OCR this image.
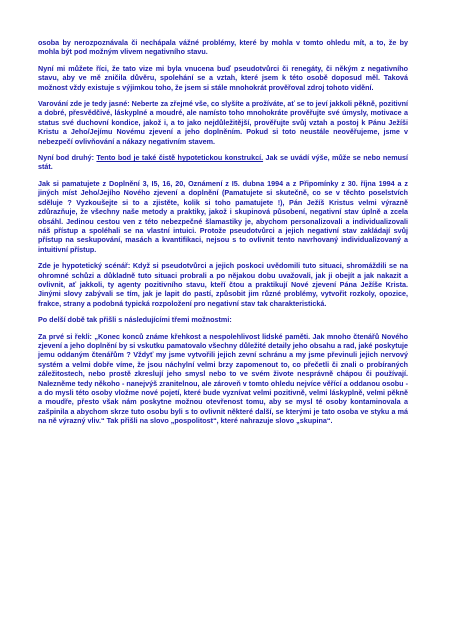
osoba by nerozpoznávala či nechápala vážné problémy, které by mohla v tomto ohledu mít, a to, že by mohla být pod možným vlivem negativního stavu.

Nyní mi můžete říci, že tato vize mi byla vnucena buď pseudotvůrci či renegáty, či někým z negativního stavu, aby ve mě zničila důvěru, spolehání se a vztah, které jsem k této osobě doposud měl. Taková možnost vždy existuje s výjimkou toho, že jsem si stále mnohokrát prověřoval zdroj tohoto vidění.

Varování zde je tedy jasné: Neberte za zřejmé vše, co slyšíte a prožíváte, ať se to jeví jakkoli pěkně, pozitivní a dobré, přesvědčivé, láskyplné a moudré, ale namísto toho mnohokráte prověřujte své úmysly, motivace a status své duchovní kondice, jakož i, a to jako nejdůležitější, prověřujte svůj vztah a postoj k Pánu Ježíši Kristu a Jeho/Jejímu Novému zjevení a jeho doplněním. Pokud si toto neustále neověřujeme, jsme v nebezpečí ovlivňování a nákazy negativním stavem.

Nyní bod druhý: Tento bod je také čistě hypotetickou konstrukcí. Jak se uvádí výše, může se nebo nemusí stát.

Jak si pamatujete z Doplnění 3, I5, 16, 20, Oznámení z I5. dubna 1994 a z Připomínky z 30. října 1994 a z jiných míst Jeho/Jejího Nového zjevení a doplnění (Pamatujete si skutečně, co se v těchto poselstvích sděluje ? Vyzkoušejte si to a zjistěte, kolik si toho pamatujete !), Pán Ježíš Kristus velmi výrazně zdůrazňuje, že všechny naše metody a praktiky, jakož i skupinová působení, negativní stav úplně a zcela obsáhl. Jedinou cestou ven z této nebezpečné šlamastiky je, abychom personalizovali a individualizovali náš přístup a spoléhali se na vlastní intuici. Protože pseudotvůrci a jejich negativní stav zakládají svůj přístup na seskupování, masách a kvantifikaci, nejsou s to ovlivnit tento navrhovaný individualizovaný a intuitivní přístup.

Zde je hypotetický scénář: Když si pseudotvůrci a jejich poskoci uvědomili tuto situaci, shromáždili se na ohromné schůzi a důkladně tuto situaci probrali a po nějakou dobu uvažovali, jak ji obejít a jak nakazit a ovlivnit, ať jakkoli, ty agenty pozitivního stavu, kteří čtou a praktikují Nové zjevení Pána Ježíše Krista. Jinými slovy zabývali se tím, jak je lapit do pastí, způsobit jim různé problémy, vytvořit rozkoly, opozice, frakce, strany a podobná typická rozpoložení pro negativní stav tak charakteristická.

Po delší době tak přišli s následujícími třemi možnostmi:

Za prvé si řekli: „Konec konců známe křehkost a nespolehlivost lidské paměti. Jak mnoho čtenářů Nového zjevení a jeho doplnění by si vskutku pamatovalo všechny důležité detaily jeho obsahu a rad, jaké poskytuje jemu oddaným čtenářům ? Vždyť my jsme vytvořili jejich zevní schránu a my jsme převinuli jejich nervový systém a velmi dobře víme, že jsou náchylní velmi brzy zapomenout to, co přečetli či znali o probíraných záležitostech, nebo prostě zkreslují jeho smysl nebo to ve svém živote nesprávně chápou či používají. Nalezněme tedy někoho - nanejvýš zranitelnou, ale zároveň v tomto ohledu nejvíce věřící a oddanou osobu - a do mysli této osoby vložme nové pojetí, které bude vyznívat velmi pozitivně, velmi láskyplně, velmi pěkně a moudře, přesto však nám poskytne možnou otevřenost tomu, aby se mysl té osoby kontaminovala a zašpinila a abychom skrze tuto osobu byli s to ovlivnit některé další, se kterými je tato osoba ve styku a má na ně výrazný vliv.“ Tak přišli na slovo „pospolitost“, které nahrazuje slovo „skupina“.
